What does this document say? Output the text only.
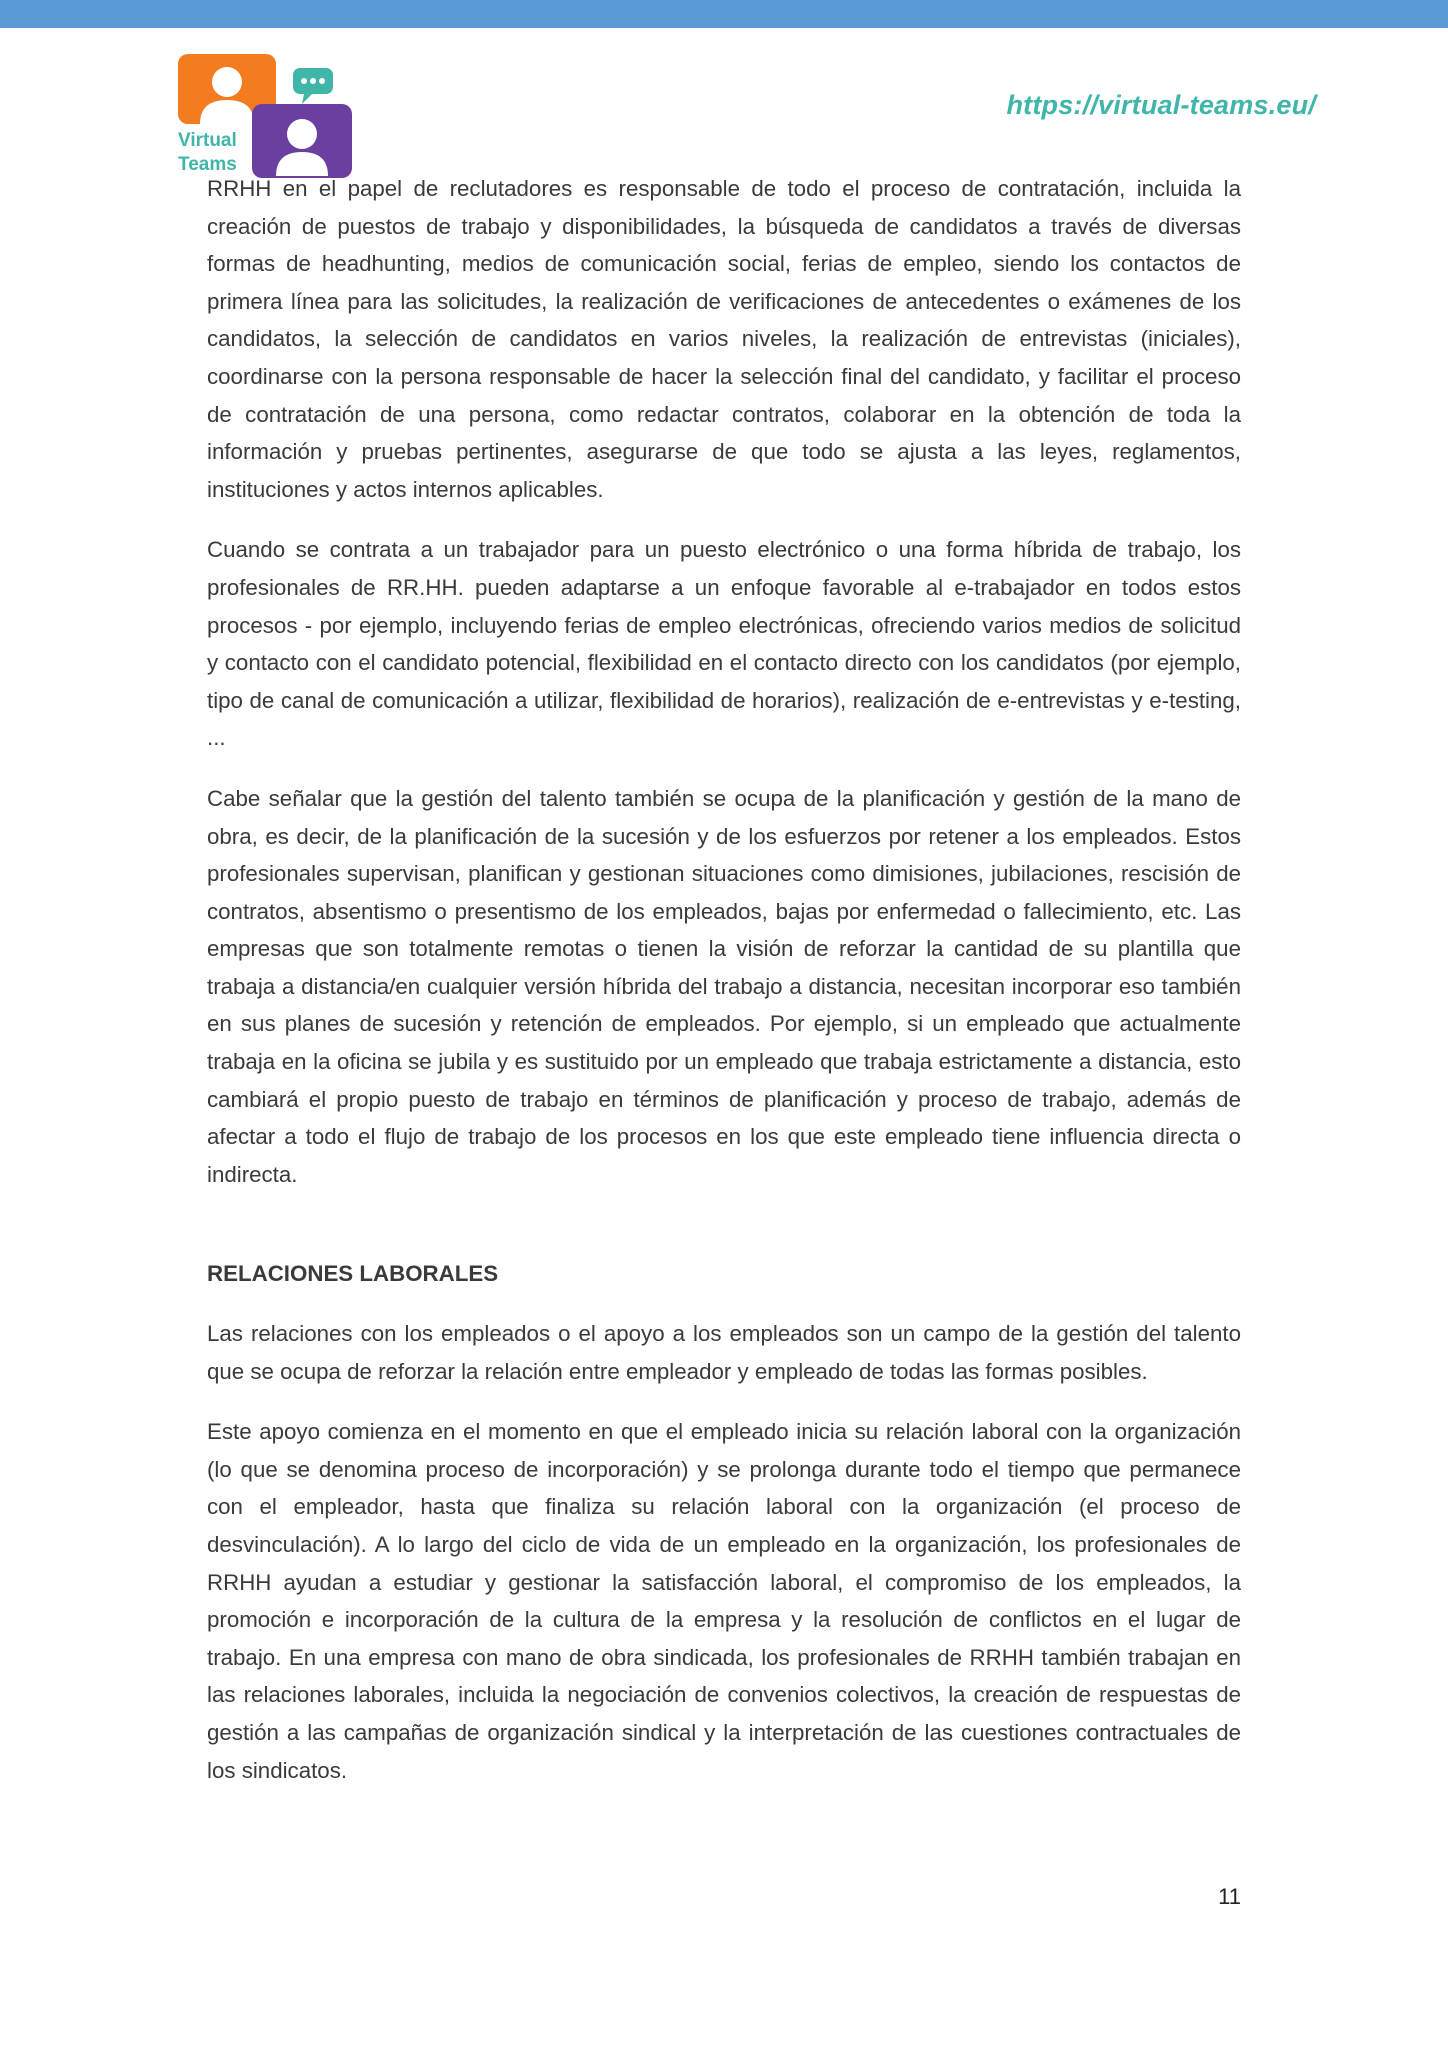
Virtual
Teams
https://virtual-teams.eu/

RRHH en el papel de reclutadores es responsable de todo el proceso de contratación, incluida la creación de puestos de trabajo y disponibilidades, la búsqueda de candidatos a través de diversas formas de headhunting, medios de comunicación social, ferias de empleo, siendo los contactos de primera línea para las solicitudes, la realización de verificaciones de antecedentes o exámenes de los candidatos, la selección de candidatos en varios niveles, la realización de entrevistas (iniciales), coordinarse con la persona responsable de hacer la selección final del candidato, y facilitar el proceso de contratación de una persona, como redactar contratos, colaborar en la obtención de toda la información y pruebas pertinentes, asegurarse de que todo se ajusta a las leyes, reglamentos, instituciones y actos internos aplicables.

Cuando se contrata a un trabajador para un puesto electrónico o una forma híbrida de trabajo, los profesionales de RR.HH. pueden adaptarse a un enfoque favorable al e-trabajador en todos estos procesos - por ejemplo, incluyendo ferias de empleo electrónicas, ofreciendo varios medios de solicitud y contacto con el candidato potencial, flexibilidad en el contacto directo con los candidatos (por ejemplo, tipo de canal de comunicación a utilizar, flexibilidad de horarios), realización de e-entrevistas y e-testing, ...

Cabe señalar que la gestión del talento también se ocupa de la planificación y gestión de la mano de obra, es decir, de la planificación de la sucesión y de los esfuerzos por retener a los empleados. Estos profesionales supervisan, planifican y gestionan situaciones como dimisiones, jubilaciones, rescisión de contratos, absentismo o presentismo de los empleados, bajas por enfermedad o fallecimiento, etc. Las empresas que son totalmente remotas o tienen la visión de reforzar la cantidad de su plantilla que trabaja a distancia/en cualquier versión híbrida del trabajo a distancia, necesitan incorporar eso también en sus planes de sucesión y retención de empleados. Por ejemplo, si un empleado que actualmente trabaja en la oficina se jubila y es sustituido por un empleado que trabaja estrictamente a distancia, esto cambiará el propio puesto de trabajo en términos de planificación y proceso de trabajo, además de afectar a todo el flujo de trabajo de los procesos en los que este empleado tiene influencia directa o indirecta.

RELACIONES LABORALES

Las relaciones con los empleados o el apoyo a los empleados son un campo de la gestión del talento que se ocupa de reforzar la relación entre empleador y empleado de todas las formas posibles.

Este apoyo comienza en el momento en que el empleado inicia su relación laboral con la organización (lo que se denomina proceso de incorporación) y se prolonga durante todo el tiempo que permanece con el empleador, hasta que finaliza su relación laboral con la organización (el proceso de desvinculación). A lo largo del ciclo de vida de un empleado en la organización, los profesionales de RRHH ayudan a estudiar y gestionar la satisfacción laboral, el compromiso de los empleados, la promoción e incorporación de la cultura de la empresa y la resolución de conflictos en el lugar de trabajo. En una empresa con mano de obra sindicada, los profesionales de RRHH también trabajan en las relaciones laborales, incluida la negociación de convenios colectivos, la creación de respuestas de gestión a las campañas de organización sindical y la interpretación de las cuestiones contractuales de los sindicatos.

11
